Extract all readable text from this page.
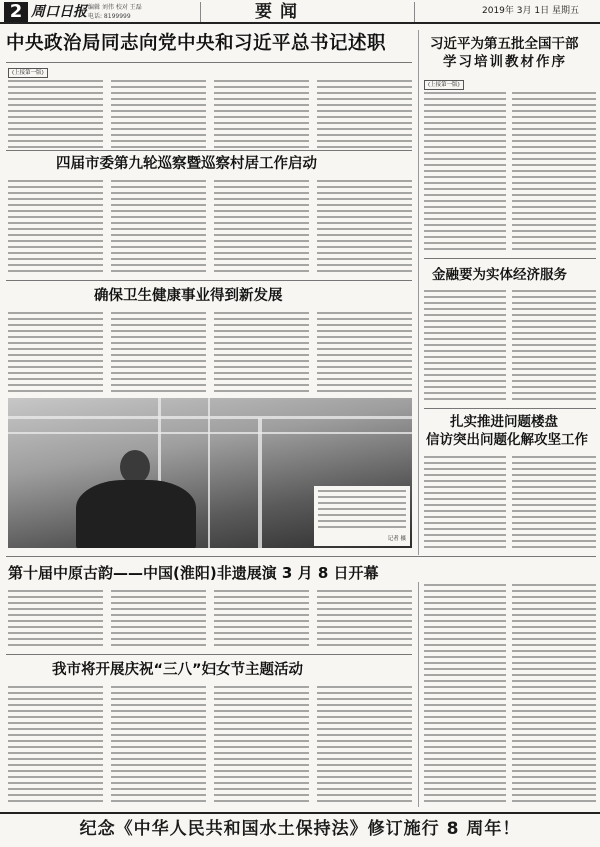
2 周口日报 编辑 刘伟 校对 王磊
电话: 8199999	要闻	2019年 3月 1日 星期五
中央政治局同志向党中央和习近平总书记述职
(上接第一版)
习近平为第五批全国干部
学习培训教材作序
(上接第一版)
四届市委第九轮巡察暨巡察村居工作启动
金融要为实体经济服务
确保卫生健康事业得到新发展
记者 摄
扎实推进问题楼盘
信访突出问题化解攻坚工作
第十届中原古韵——中国(淮阳)非遗展演 3 月 8 日开幕
我市将开展庆祝“三八”妇女节主题活动
纪念《中华人民共和国水土保持法》修订施行 8 周年！
